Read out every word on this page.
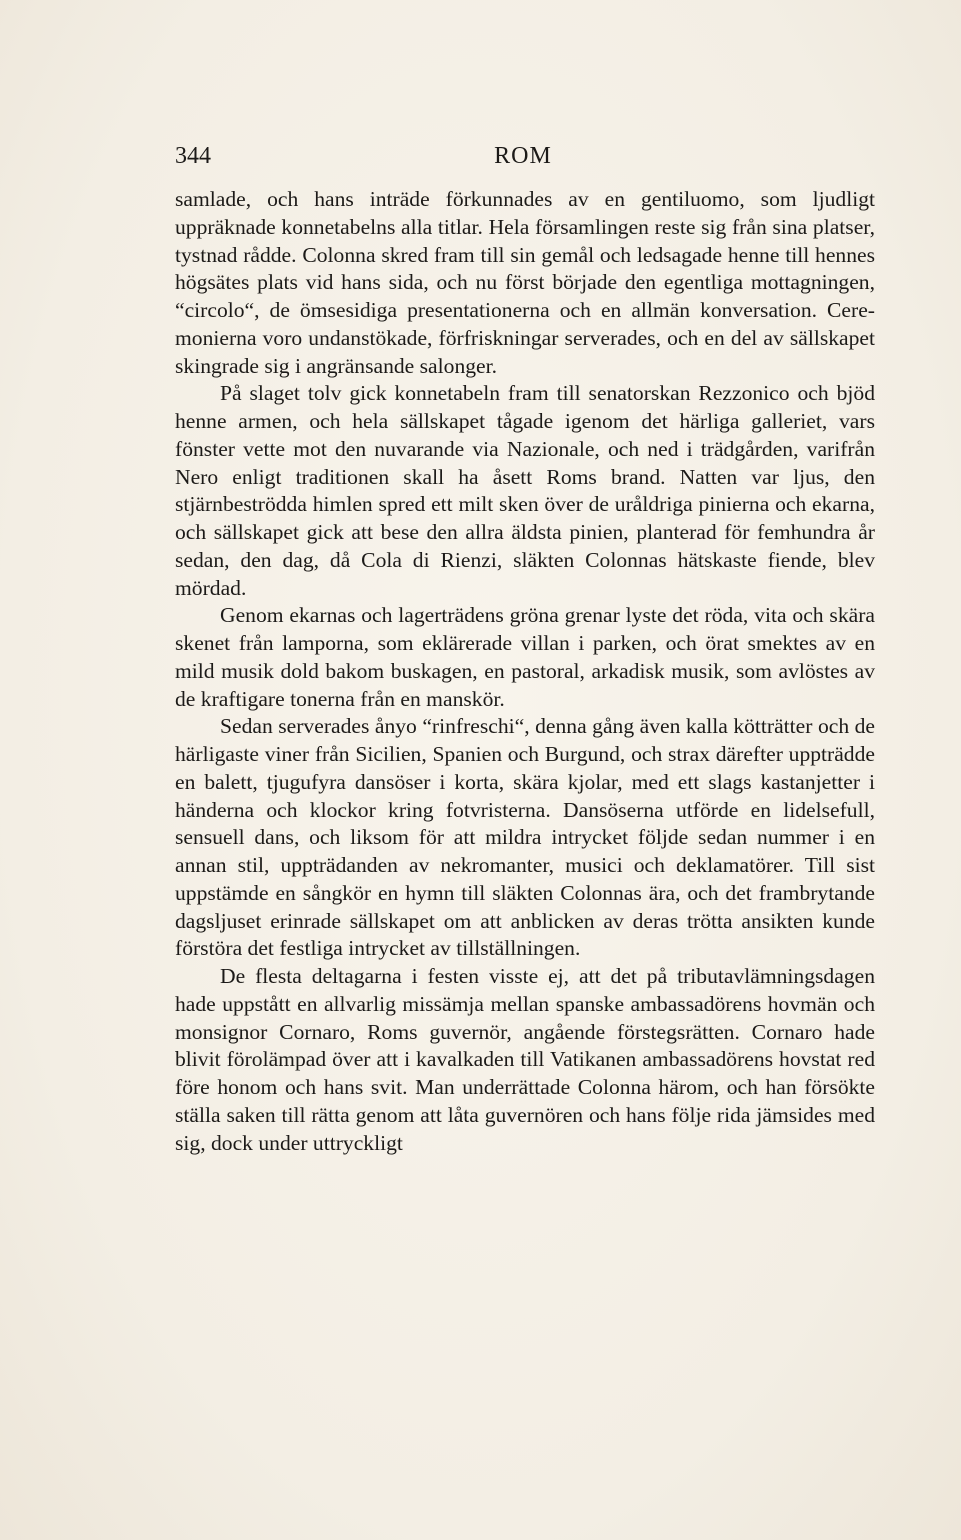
344	ROM

samlade, och hans inträde förkunnades av en gentiluomo, som ljudligt uppräknade konnetabelns alla titlar. Hela församlingen reste sig från sina platser, tystnad rådde. Colonna skred fram till sin gemål och ledsagade henne till hennes högsätes plats vid hans sida, och nu först började den egentliga mottagningen, “circolo“, de ömsesidiga presentationerna och en allmän konversation. Ceremonierna voro undanstökade, förfriskningar serverades, och en del av sällskapet skingrade sig i angränsande salonger.

På slaget tolv gick konnetabeln fram till senatorskan Rezzonico och bjöd henne armen, och hela sällskapet tågade igenom det härliga galleriet, vars fönster vette mot den nuvarande via Nazionale, och ned i trädgården, varifrån Nero enligt traditionen skall ha åsett Roms brand. Natten var ljus, den stjärnbeströdda himlen spred ett milt sken över de uråldriga pinierna och ekarna, och sällskapet gick att bese den allra äldsta pinien, planterad för femhundra år sedan, den dag, då Cola di Rienzi, släkten Colonnas hätskaste fiende, blev mördad.

Genom ekarnas och lagerträdens gröna grenar lyste det röda, vita och skära skenet från lamporna, som eklärerade villan i parken, och örat smektes av en mild musik dold bakom buskagen, en pastoral, arkadisk musik, som avlöstes av de kraftigare tonerna från en manskör.

Sedan serverades ånyo “rinfreschi“, denna gång även kalla kötträtter och de härligaste viner från Sicilien, Spanien och Burgund, och strax därefter uppträdde en balett, tjugufyra dansöser i korta, skära kjolar, med ett slags kastanjetter i händerna och klockor kring fotvristerna. Dansöserna utförde en lidelsefull, sensuell dans, och liksom för att mildra intrycket följde sedan nummer i en annan stil, uppträdanden av nekromanter, musici och deklamatörer. Till sist uppstämde en sångkör en hymn till släkten Colonnas ära, och det frambrytande dagsljuset erinrade sällskapet om att anblicken av deras trötta ansikten kunde förstöra det festliga intrycket av tillställningen.

De flesta deltagarna i festen visste ej, att det på tributavlämningsdagen hade uppstått en allvarlig missämja mellan spanske ambassadörens hovmän och monsignor Cornaro, Roms guvernör, angående förstegsrätten. Cornaro hade blivit förolämpad över att i kavalkaden till Vatikanen ambassadörens hovstat red före honom och hans svit. Man underrättade Colonna härom, och han försökte ställa saken till rätta genom att låta guvernören och hans följe rida jämsides med sig, dock under uttryckligt
